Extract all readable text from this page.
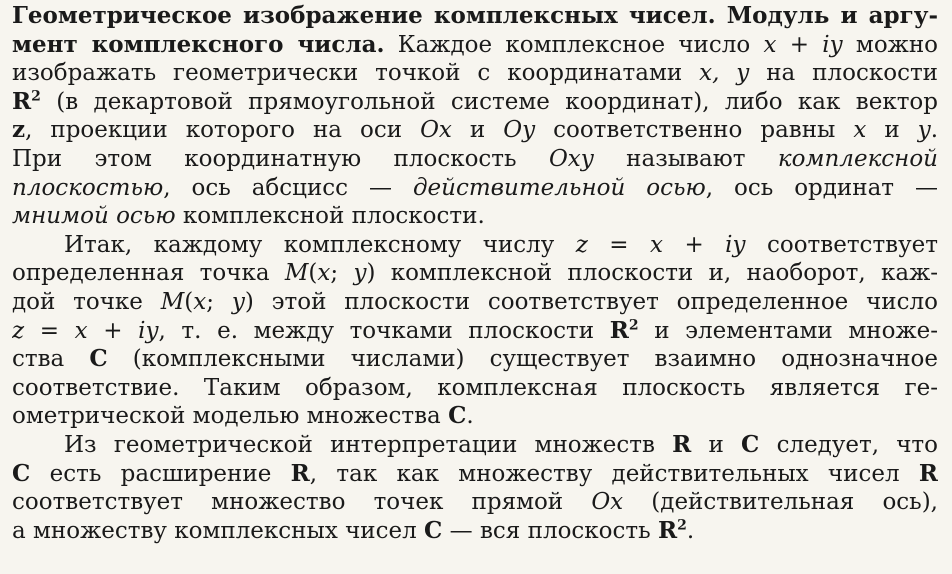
Геометрическое изображение комплексных чисел. Модуль и аргу-
мент комплексного числа. Каждое комплексное число x + iy можно
изображать геометрически точкой с координатами x, y на плоскости
$R^2$ (в декартовой прямоугольной системе координат), либо как вектор
z, проекции которого на оси Ox и Oy соответственно равны x и y.
При этом координатную плоскость Oxy называют комплексной
плоскостью, ось абсцисс — действительной осью, ось ординат —
мнимой осью комплексной плоскости.
Итак, каждому комплексному числу z = x + iy соответствует
определенная точка M(x; y) комплексной плоскости и, наоборот, каж-
дой точке M(x; y) этой плоскости соответствует определенное число
z = x + iy, т. е. между точками плоскости $R^2$ и элементами множе-
ства C (комплексными числами) существует взаимно однозначное
соответствие. Таким образом, комплексная плоскость является ге-
ометрической моделью множества C.
Из геометрической интерпретации множеств R и C следует, что
C есть расширение R, так как множеству действительных чисел R
соответствует множество точек прямой Ox (действительная ось),
а множеству комплексных чисел C — вся плоскость $R^2$.
